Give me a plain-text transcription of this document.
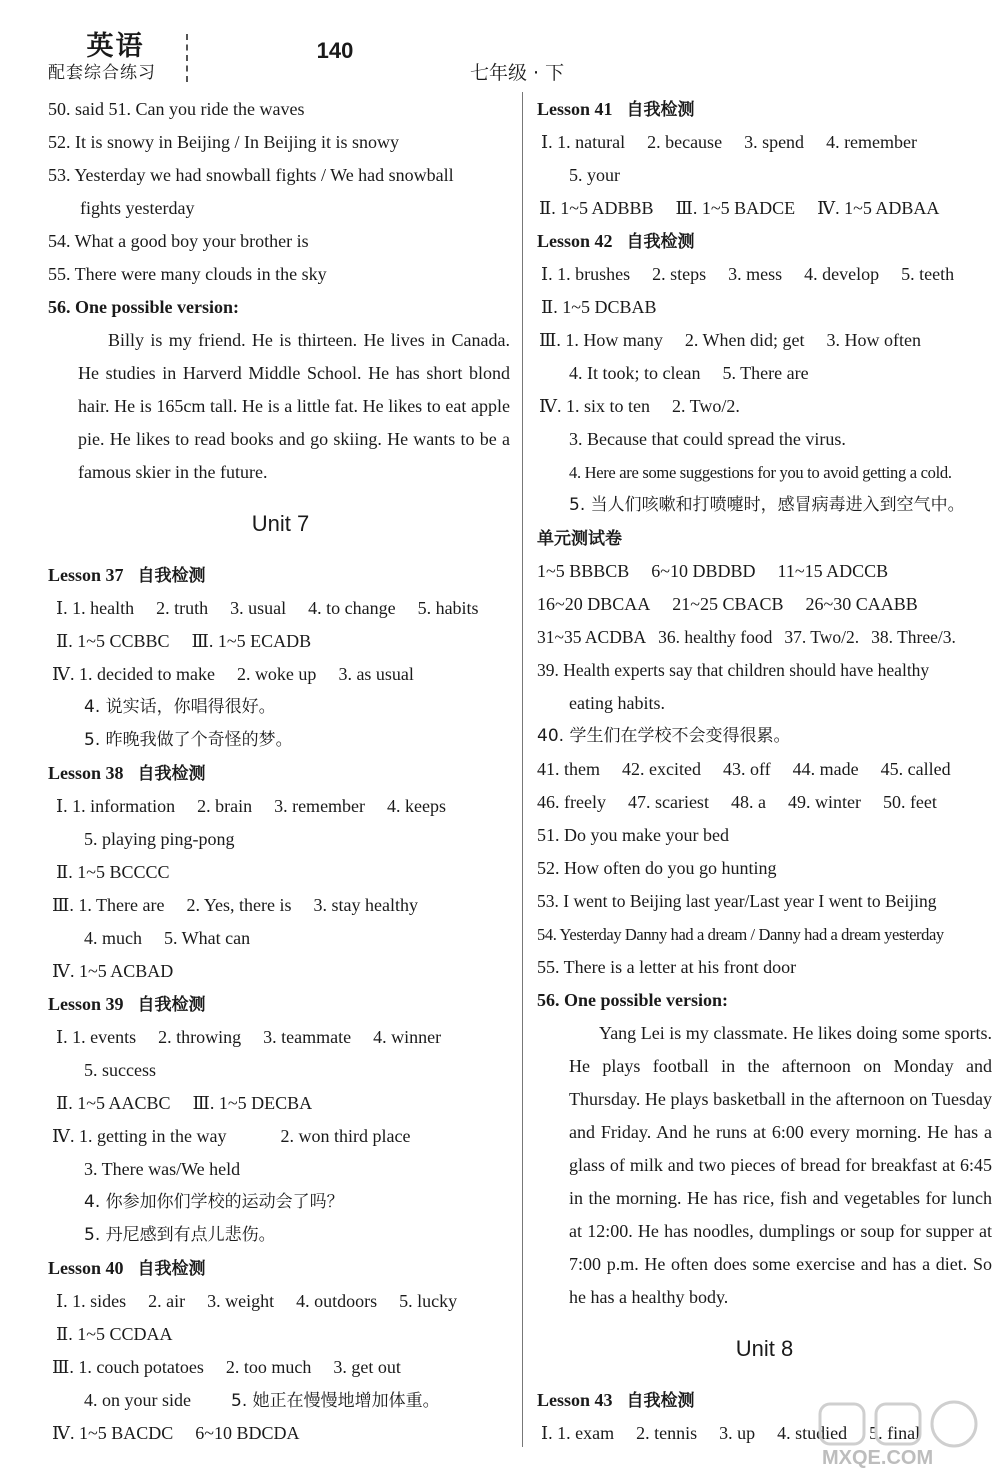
英语
配套综合练习
140
七年级 · 下
50. said 51. Can you ride the waves
52. It is snowy in Beijing / In Beijing it is snowy
53. Yesterday we had snowball fights / We had snowball
fights yesterday
54. What a good boy your brother is
55. There were many clouds in the sky
56. One possible version:
Billy is my friend. He is thirteen. He lives in Canada. He studies in Harverd Middle School. He has short blond hair. He is 165cm tall. He is a little fat. He likes to eat apple pie. He likes to read books and go skiing. He wants to be a famous skier in the future.
Unit 7
Lesson 37 自我检测
Ⅰ. 1. health 2. truth 3. usual 4. to change 5. habits
Ⅱ. 1~5 CCBBC Ⅲ. 1~5 ECADB
Ⅳ. 1. decided to make 2. woke up 3. as usual
4. 说实话，你唱得很好。
5. 昨晚我做了个奇怪的梦。
Lesson 38 自我检测
Ⅰ. 1. information 2. brain 3. remember 4. keeps
5. playing ping-pong
Ⅱ. 1~5 BCCCC
Ⅲ. 1. There are 2. Yes, there is 3. stay healthy
4. much 5. What can
Ⅳ. 1~5 ACBAD
Lesson 39 自我检测
Ⅰ. 1. events 2. throwing 3. teammate 4. winner
5. success
Ⅱ. 1~5 AACBC Ⅲ. 1~5 DECBA
Ⅳ. 1. getting in the way	2. won third place
3. There was/We held
4. 你参加你们学校的运动会了吗？
5. 丹尼感到有点儿悲伤。
Lesson 40 自我检测
Ⅰ. 1. sides 2. air 3. weight 4. outdoors 5. lucky
Ⅱ. 1~5 CCDAA
Ⅲ. 1. couch potatoes 2. too much 3. get out
4. on your side 5. 她正在慢慢地增加体重。
Ⅳ. 1~5 BACDC 6~10 BDCDA
Lesson 41 自我检测
Ⅰ. 1. natural 2. because 3. spend 4. remember
5. your
Ⅱ. 1~5 ADBBB Ⅲ. 1~5 BADCE Ⅳ. 1~5 ADBAA
Lesson 42 自我检测
Ⅰ. 1. brushes 2. steps 3. mess 4. develop 5. teeth
Ⅱ. 1~5 DCBAB
Ⅲ. 1. How many 2. When did; get 3. How often
4. It took; to clean 5. There are
Ⅳ. 1. six to ten 2. Two/2.
3. Because that could spread the virus.
4. Here are some suggestions for you to avoid getting a cold.
5. 当人们咳嗽和打喷嚏时，感冒病毒进入到空气中。
单元测试卷
1~5 BBBCB 6~10 DBDBD 11~15 ADCCB
16~20 DBCAA 21~25 CBACB 26~30 CAABB
31~35 ACDBA 36. healthy food 37. Two/2. 38. Three/3.
39. Health experts say that children should have healthy
eating habits.
40. 学生们在学校不会变得很累。
41. them 42. excited 43. off 44. made 45. called
46. freely 47. scariest 48. a 49. winter 50. feet
51. Do you make your bed
52. How often do you go hunting
53. I went to Beijing last year/Last year I went to Beijing
54. Yesterday Danny had a dream / Danny had a dream yesterday
55. There is a letter at his front door
56. One possible version:
Yang Lei is my classmate. He likes doing some sports. He plays football in the afternoon on Monday and Thursday. He plays basketball in the afternoon on Tuesday and Friday. And he runs at 6:00 every morning. He has a glass of milk and two pieces of bread for breakfast at 6:45 in the morning. He has rice, fish and vegetables for lunch at 12:00. He has noodles, dumplings or soup for supper at 7:00 p.m. He often does some exercise and has a diet. So he has a healthy body.
Unit 8
Lesson 43 自我检测
Ⅰ. 1. exam 2. tennis 3. up 4. studied 5. final
MXQE.COM
